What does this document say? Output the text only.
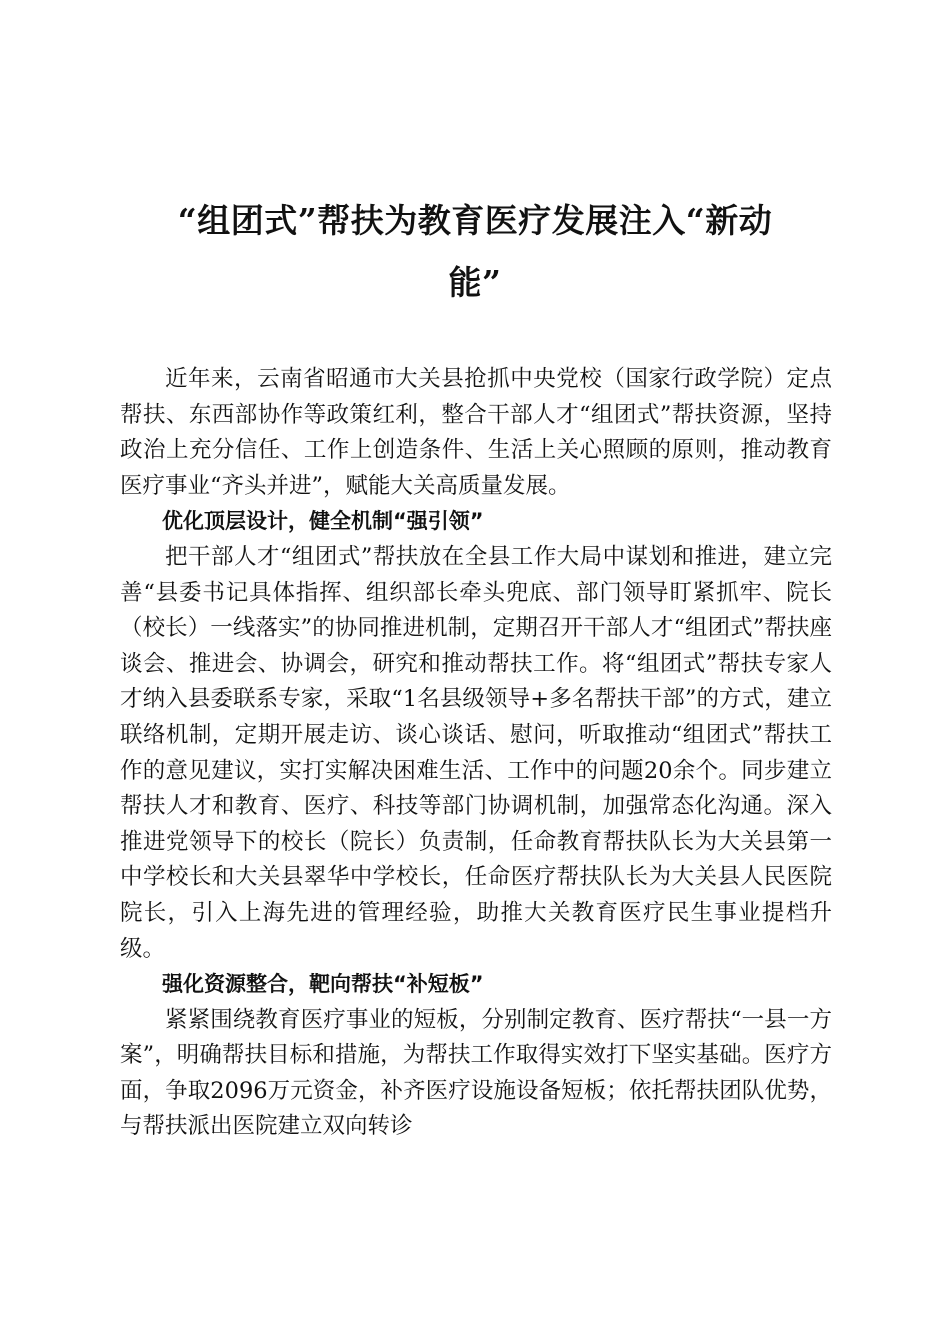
“组团式”帮扶为教育医疗发展注入“新动
能”

近年来，云南省昭通市大关县抢抓中央党校（国家行政学院）定点帮扶、东西部协作等政策红利，整合干部人才“组团式”帮扶资源，坚持政治上充分信任、工作上创造条件、生活上关心照顾的原则，推动教育医疗事业“齐头并进”，赋能大关高质量发展。

优化顶层设计，健全机制“强引领”

把干部人才“组团式”帮扶放在全县工作大局中谋划和推进，建立完善“县委书记具体指挥、组织部长牵头兜底、部门领导盯紧抓牢、院长（校长）一线落实”的协同推进机制，定期召开干部人才“组团式”帮扶座谈会、推进会、协调会，研究和推动帮扶工作。将“组团式”帮扶专家人才纳入县委联系专家，采取“1名县级领导+多名帮扶干部”的方式，建立联络机制，定期开展走访、谈心谈话、慰问，听取推动“组团式”帮扶工作的意见建议，实打实解决困难生活、工作中的问题20余个。同步建立帮扶人才和教育、医疗、科技等部门协调机制，加强常态化沟通。深入推进党领导下的校长（院长）负责制，任命教育帮扶队长为大关县第一中学校长和大关县翠华中学校长，任命医疗帮扶队长为大关县人民医院院长，引入上海先进的管理经验，助推大关教育医疗民生事业提档升级。

强化资源整合，靶向帮扶“补短板”

紧紧围绕教育医疗事业的短板，分别制定教育、医疗帮扶“一县一方案”，明确帮扶目标和措施，为帮扶工作取得实效打下坚实基础。医疗方面，争取2096万元资金，补齐医疗设施设备短板；依托帮扶团队优势，与帮扶派出医院建立双向转诊
